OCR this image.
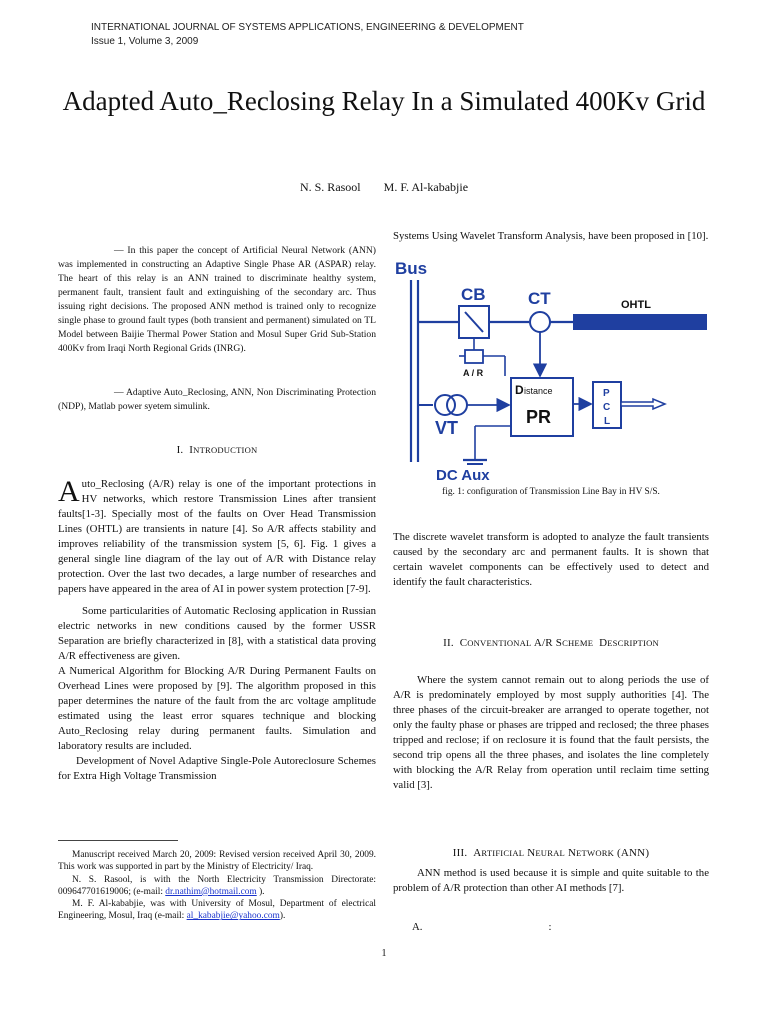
INTERNATIONAL JOURNAL OF SYSTEMS APPLICATIONS, ENGINEERING & DEVELOPMENT
Issue 1, Volume 3, 2009
Adapted Auto_Reclosing Relay In a Simulated 400Kv Grid
N. S. Rasool M. F. Al-kababjie

— In this paper the concept of Artificial Neural Network (ANN) was implemented in constructing an Adaptive Single Phase AR (ASPAR) relay. The heart of this relay is an ANN trained to discriminate healthy system, permanent fault, transient fault and extinguishing of the secondary arc. Thus issuing right decisions. The proposed ANN method is trained only to recognize single phase to ground fault types (both transient and permanent) simulated on TL Model between Baijie Thermal Power Station and Mosul Super Grid Sub-Station 400Kv from Iraqi North Regional Grids (INRG).

— Adaptive Auto_Reclosing, ANN, Non Discriminating Protection (NDP), Matlab power syetem simulink.

I. INTRODUCTION

Auto_Reclosing (A/R) relay is one of the important protections in HV networks, which restore Transmission Lines after transient faults[1-3]. Specially most of the faults on Over Head Transmission Lines (OHTL) are transients in nature [4]. So A/R affects stability and improves reliability of the transmission system [5, 6]. Fig. 1 gives a general single line diagram of the lay out of A/R with Distance relay protection. Over the last two decades, a large number of researches and papers have appeared in the area of AI in power system protection [7-9].

Some particularities of Automatic Reclosing application in Russian electric networks in new conditions caused by the former USSR Separation are briefly characterized in [8], with a statistical data proving A/R effectiveness are given.

A Numerical Algorithm for Blocking A/R During Permanent Faults on Overhead Lines were proposed by [9]. The algorithm proposed in this paper determines the nature of the fault from the arc voltage amplitude estimated using the least error squares technique and blocking Auto_Reclosing relay during permanent faults. Simulation and laboratory results are included.

Development of Novel Adaptive Single-Pole Autoreclosure Schemes for Extra High Voltage Transmission

Manuscript received March 20, 2009: Revised version received April 30, 2009. This work was supported in part by the Ministry of Electricity/ Iraq.

N. S. Rasool, is with the North Electricity Transmission Directorate: 009647701619006; (e-mail: dr.nathim@hotmail.com ).

M. F. Al-kababjie, was with University of Mosul, Department of electrical Engineering, Mosul, Iraq (e-mail: al_kababjie@yahoo.com).

Systems Using Wavelet Transform Analysis, have been proposed in [10].
Bus
CB CT	OHTL
A / R
D istance
PR
VT
DC Aux
P
C
L
fig. 1: configuration of Transmission Line Bay in HV S/S.
The discrete wavelet transform is adopted to analyze the fault transients caused by the secondary arc and permanent faults. It is shown that certain wavelet components can be effectively used to detect and identify the fault characteristics.
II. CONVENTIONAL A/R SCHEME DESCRIPTION

Where the system cannot remain out to along periods the use of A/R is predominately employed by most supply authorities [4]. The three phases of the circuit-breaker are arranged to operate together, not only the faulty phase or phases are tripped and reclosed; the three phases tripped and reclose; if on reclosure it is found that the fault persists, the second trip opens all the three phases, and isolates the line completely with blocking the A/R Relay from operation until reclaim time setting valid [3].

III. ARTIFICIAL NEURAL NETWORK (ANN)

ANN method is used because it is simple and quite suitable to the problem of A/R protection than other AI methods [7].

A.	:
1
